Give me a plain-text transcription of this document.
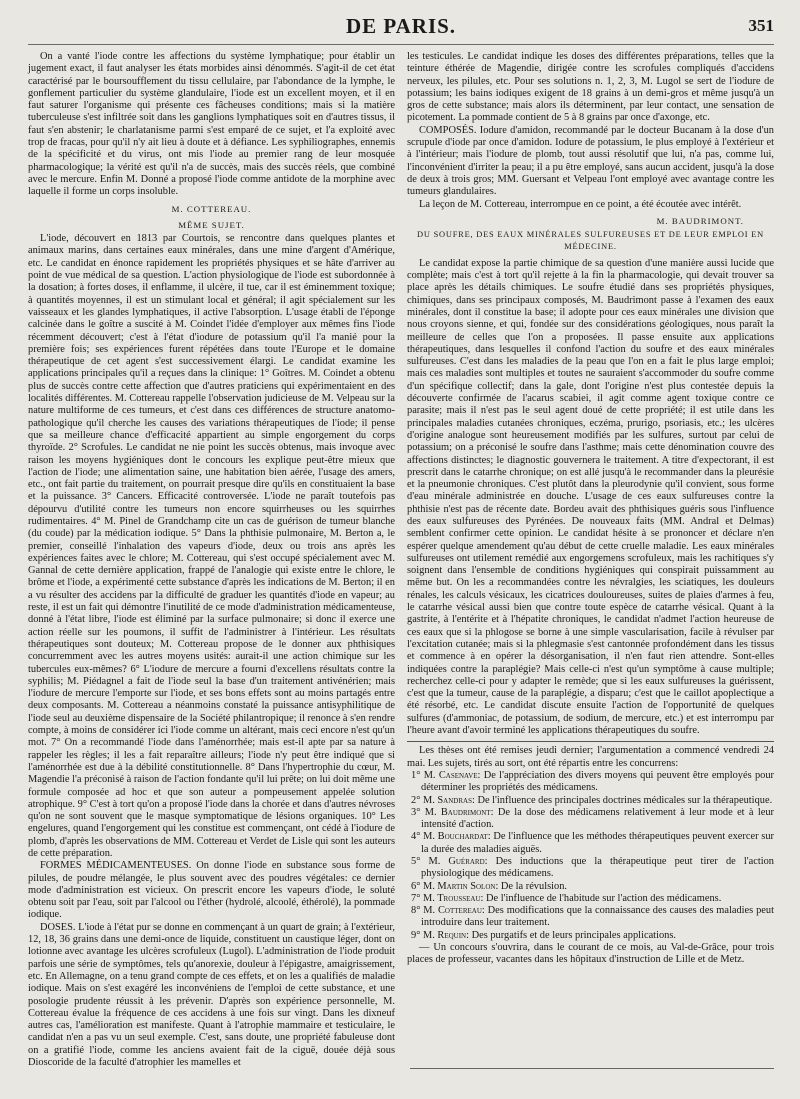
DE PARIS.	351

On a vanté l'iode contre les affections du système lymphatique; pour établir un jugement exact, il faut analyser les états morbides ainsi dénommés. S'agit-il de cet état caractérisé par le boursoufflement du tissu cellulaire, par l'abondance de la lymphe, le gonflement particulier du système glandulaire, l'iode est un excellent moyen, et il en faut saturer l'organisme qui présente ces fâcheuses conditions; mais si la matière tuberculeuse s'est infiltrée soit dans les ganglions lymphatiques soit en d'autres tissus, il faut s'en abstenir; le charlatanisme parmi s'est emparé de ce sujet, et l'a exploité avec trop de fracas, pour qu'il n'y ait lieu à doute et à défiance. Les syphiliographes, ennemis de la spécificité et du virus, ont mis l'iode au premier rang de leur mosquée pharmacologique; la vérité est qu'il n'a de succès, mais des succès réels, que combiné avec le mercure. Enfin M. Donné a proposé l'iode comme antidote de la morphine avec laquelle il forme un corps insoluble.

M. COTTEREAU.
MÊME SUJET.

L'iode, découvert en 1813 par Courtois, se rencontre dans quelques plantes et animaux marins, dans certaines eaux minérales, dans une mine d'argent d'Amérique, etc. Le candidat en énonce rapidement les propriétés physiques et se hâte d'arriver au point de vue médical de sa question. L'action physiologique de l'iode est subordonnée à la dosation; à fortes doses, il enflamme, il ulcère, il tue, car il est éminemment toxique; à quantités moyennes, il est un stimulant local et général; il agit spécialement sur les vaisseaux et les glandes lymphatiques, il active l'absorption. L'usage établi de l'éponge calcinée dans le goître a suscité à M. Coindet l'idée d'employer aux mêmes fins l'iode récemment découvert; c'est à l'état d'iodure de potassium qu'il l'a manié pour la première fois; ses expériences furent répétées dans toute l'Europe et le domaine thérapeutique de cet agent s'est successivement élargi. Le candidat examine les applications principales qu'il a reçues dans la clinique: 1° Goîtres. M. Coindet a obtenu plus de succès contre cette affection que d'autres praticiens qui expérimentaient en des localités différentes. M. Cottereau rappelle l'observation judicieuse de M. Velpeau sur la nature multiforme de ces tumeurs, et c'est dans ces différences de structure anatomo-pathologique qu'il cherche les causes des variations thérapeutiques de l'iode; il pense que sa meilleure chance d'efficacité appartient au simple engorgement du corps thyroïde. 2° Scrofules. Le candidat ne nie point les succès obtenus, mais invoque avec raison les moyens hygiéniques dont le concours les explique peut-être mieux que l'action de l'iode; une alimentation saine, une habitation bien aérée, l'usage des amers, etc., ont fait partie du traitement, on pourrait presque dire qu'ils en constituaient la base et la puissance. 3° Cancers. Efficacité controversée. L'iode ne paraît toutefois pas dépourvu d'utilité contre les tumeurs non encore squirrheuses ou les squirrhes rudimentaires. 4° M. Pinel de Grandchamp cite un cas de guérison de tumeur blanche (du coude) par la médication iodique. 5° Dans la phthisie pulmonaire, M. Berton a, le premier, conseillé l'inhalation des vapeurs d'iode, deux ou trois ans après les expériences faites avec le chlore; M. Cottereau, qui s'est occupé spécialement avec M. Gannal de cette dernière application, frappé de l'analogie qui existe entre le chlore, le brôme et l'iode, a expérimenté cette substance d'après les indications de M. Berton; il en a vu résulter des accidens par la difficulté de graduer les quantités d'iode en vapeur; au reste, il est un fait qui démontre l'inutilité de ce mode d'administration médicamenteuse, donné à l'état libre, l'iode est éliminé par la surface pulmonaire; si donc il exerce une action réelle sur les poumons, il suffit de l'administrer à l'intérieur. Les résultats thérapeutiques sont douteux; M. Cottereau propose de le donner aux phthisiques concurremment avec les autres moyens usités: aurait-il une action chimique sur les tubercules eux-mêmes? 6° L'iodure de mercure a fourni d'excellens résultats contre la syphilis; M. Piédagnel a fait de l'iode seul la base d'un traitement antivénérien; mais l'iodure de mercure l'emporte sur l'iode, et ses bons effets sont au moins partagés entre deux composants. M. Cottereau a néanmoins constaté la puissance antisyphilitique de l'iode seul au deuxième dispensaire de la Société philantropique; il renonce à s'en rendre compte, à moins de considérer ici l'iode comme un altérant, mais ceci encore n'est qu'un mot. 7° On a recommandé l'iode dans l'aménorrhée; mais est-il apte par sa nature à rappeler les règles; il les a fait reparaître ailleurs; l'iode n'y peut être indiqué que si l'aménorrhée est due à la débilité constitutionnelle. 8° Dans l'hypertrophie du cœur, M. Magendie l'a préconisé à raison de l'action fondante qu'il lui prête; on lui doit même une formule composée ad hoc et que son auteur a pompeusement appelée solution atrophique. 9° C'est à tort qu'on a proposé l'iode dans la chorée et dans d'autres névroses qu'on ne sont souvent que le masque symptomatique de lésions organiques. 10° Les engelures, quand l'engorgement qui les constitue est commençant, ont cédé à l'iodure de plomb, d'après les observations de MM. Cottereau et Verdet de Lisle qui sont les auteurs de cette préparation.

FORMES MÉDICAMENTEUSES. On donne l'iode en substance sous forme de pilules, de poudre mélangée, le plus souvent avec des poudres végétales: ce dernier mode d'administration est vicieux. On prescrit encore les vapeurs d'iode, le soluté obtenu soit par l'eau, soit par l'alcool ou l'éther (hydrolé, alcoolé, éthérolé), la pommade iodique.

DOSES. L'iode à l'état pur se donne en commençant à un quart de grain; à l'extérieur, 12, 18, 36 grains dans une demi-once de liquide, constituent un caustique léger, dont on lotionne avec avantage les ulcères scrofuleux (Lugol). L'administration de l'iode produit parfois une série de symptômes, tels qu'anorexie, douleur à l'épigastre, amaigrissement, etc. En Allemagne, on a tenu grand compte de ces effets, et on les a qualifiés de maladie iodique. Mais on s'est exagéré les inconvéniens de l'emploi de cette substance, et une posologie prudente réussit à les prévenir. D'après son expérience personnelle, M. Cottereau évalue la fréquence de ces accidens à une fois sur vingt. Dans les dixneuf autres cas, l'amélioration est manifeste. Quant à l'atrophie mammaire et testiculaire, le candidat n'en a pas vu un seul exemple. C'est, sans doute, une propriété fabuleuse dont on a gratifié l'iode, comme les anciens avaient fait de la ciguë, douée déjà sous Dioscoride de la faculté d'atrophier les mamelles et

les testicules. Le candidat indique les doses des différentes préparations, telles que la teinture éthérée de Magendie, dirigée contre les scrofules compliqués d'accidens nerveux, les pilules, etc. Pour ses solutions n. 1, 2, 3, M. Lugol se sert de l'iodure de potassium; les bains iodiques exigent de 18 grains à un demi-gros et même jusqu'à un gros de cette substance; mais alors ils déterminent, par leur contact, une sensation de picotement. La pommade contient de 5 à 8 grains par once d'axonge, etc.

COMPOSÉS. Iodure d'amidon, recommandé par le docteur Bucanam à la dose d'un scrupule d'iode par once d'amidon. Iodure de potassium, le plus employé à l'extérieur et à l'intérieur; mais l'iodure de plomb, tout aussi résolutif que lui, n'a pas, comme lui, l'inconvénient d'irriter la peau; il a pu être employé, sans aucun accident, jusqu'à la dose de deux à trois gros; MM. Guersant et Velpeau l'ont employé avec avantage contre les tumeurs glandulaires.

La leçon de M. Cottereau, interrompue en ce point, a été écoutée avec intérêt.

M. BAUDRIMONT.
DU SOUFRE, DES EAUX MINÉRALES SULFUREUSES ET DE LEUR EMPLOI EN MÉDECINE.

Le candidat expose la partie chimique de sa question d'une manière aussi lucide que complète; mais c'est à tort qu'il rejette à la fin la pharmacologie, qui devait trouver sa place après les détails chimiques. Le soufre étudié dans ses propriétés physiques, chimiques, dans ses principaux composés, M. Baudrimont passe à l'examen des eaux minérales, dont il constitue la base; il adopte pour ces eaux minérales une division que nous croyons sienne, et qui, fondée sur des considérations géologiques, nous paraît la meilleure de celles que l'on a proposées. Il passe ensuite aux applications thérapeutiques, dans lesquelles il confond l'action du soufre et des eaux minérales sulfureuses. C'est dans les maladies de la peau que l'on en a fait le plus large emploi; mais ces maladies sont multiples et toutes ne sauraient s'accommoder du soufre comme d'un spécifique collectif; dans la gale, dont l'origine n'est plus contestée depuis la découverte confirmée de l'acarus scabiei, il agit comme agent toxique contre ce parasite; mais il n'est pas le seul agent doué de cette propriété; il est utile dans les principales maladies cutanées chroniques, eczéma, prurigo, psoriasis, etc.; les ulcères d'origine analogue sont heureusement modifiés par les sulfures, surtout par celui de potassium; on a préconisé le soufre dans l'asthme; mais cette dénomination couvre des affections distinctes; le diagnostic gouvernera le traitement. A titre d'expectorant, il est prescrit dans le catarrhe chronique; on est allé jusqu'à le recommander dans la pleurésie et la pneumonie chroniques. C'est plutôt dans la pleurodynie qu'il convient, sous forme d'eau minérale administrée en douche. L'usage de ces eaux sulfureuses contre la phthisie n'est pas de récente date. Bordeu avait des phthisiques guéris sous l'influence des eaux sulfureuses des Pyrénées. De nouveaux faits (MM. Andral et Delmas) semblent confirmer cette opinion. Le candidat hésite à se prononcer et déclare n'en espérer quelque amendement qu'au début de cette cruelle maladie. Les eaux minérales sulfureuses ont utilement remédié aux engorgemens scrofuleux, mais les rachitiques s'y soignent dans l'ensemble de conditions hygiéniques qui conspirait puissamment au même but. On les a recommandées contre les névralgies, les sciatiques, les douleurs rénales, les calculs vésicaux, les cicatrices douloureuses, suites de plaies d'armes à feu, le catarrhe vésical aussi bien que contre toute espèce de catarrhe vésical. Quant à la gastrite, à l'entérite et à l'hépatite chroniques, le candidat n'admet l'action heureuse de ces eaux que si la phlogose se borne à une simple vascularisation, facile à révulser par l'excitation cutanée; mais si la phlegmasie s'est cantonnée profondément dans les tissus et commence à en opérer la désorganisation, il n'en faut rien attendre. Sont-elles indiquées contre la paraplégie? Mais celle-ci n'est qu'un symptôme à cause multiple; recherchez celle-ci pour y adapter le remède; que si les eaux sulfureuses la guérissent, c'est que la tumeur, cause de la paraplégie, a disparu; c'est que le caillot apoplectique a été résorbé, etc. Le candidat discute ensuite l'action de l'opportunité de quelques sulfures (d'ammoniac, de potassium, de sodium, de mercure, etc.) et est interrompu par l'heure avant d'avoir terminé les applications thérapeutiques du soufre.

Les thèses ont été remises jeudi dernier; l'argumentation a commencé vendredi 24 mai. Les sujets, tirés au sort, ont été répartis entre les concurrens:

1° M. Casenave: De l'appréciation des divers moyens qui peuvent être employés pour déterminer les propriétés des médicamens.

2° M. Sandras: De l'influence des principales doctrines médicales sur la thérapeutique.

3° M. Baudrimont: De la dose des médicamens relativement à leur mode et à leur intensité d'action.

4° M. Bouchardat: De l'influence que les méthodes thérapeutiques peuvent exercer sur la durée des maladies aiguës.

5° M. Guérard: Des inductions que la thérapeutique peut tirer de l'action physiologique des médicamens.

6° M. Martin Solon: De la révulsion.

7° M. Trousseau: De l'influence de l'habitude sur l'action des médicamens.

8° M. Cottereau: Des modifications que la connaissance des causes des maladies peut introduire dans leur traitement.

9° M. Requin: Des purgatifs et de leurs principales applications.

— Un concours s'ouvrira, dans le courant de ce mois, au Val-de-Grâce, pour trois places de professeur, vacantes dans les hôpitaux d'instruction de Lille et de Metz.
